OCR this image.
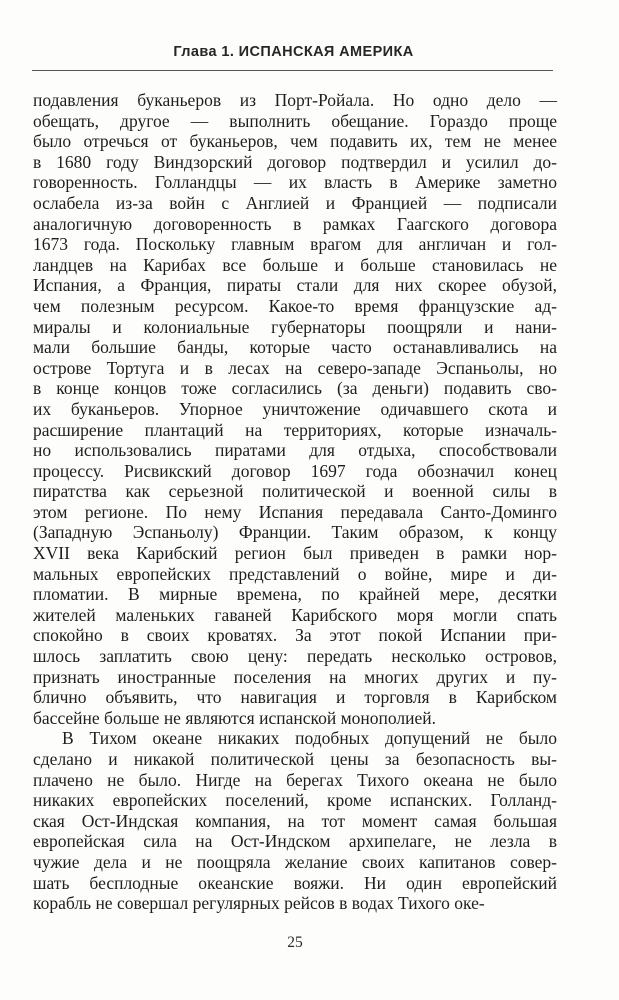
Глава 1. ИСПАНСКАЯ АМЕРИКА
подавления буканьеров из Порт-Ройала. Но одно дело —
обещать, другое — выполнить обещание. Гораздо проще
было отречься от буканьеров, чем подавить их, тем не менее
в 1680 году Виндзорский договор подтвердил и усилил до-
говоренность. Голландцы — их власть в Америке заметно
ослабела из-за войн с Англией и Францией — подписали
аналогичную договоренность в рамках Гаагского договора
1673 года. Поскольку главным врагом для англичан и гол-
ландцев на Карибах все больше и больше становилась не
Испания, а Франция, пираты стали для них скорее обузой,
чем полезным ресурсом. Какое-то время французские ад-
миралы и колониальные губернаторы поощряли и нани-
мали большие банды, которые часто останавливались на
острове Тортуга и в лесах на северо-западе Эспаньолы, но
в конце концов тоже согласились (за деньги) подавить сво-
их буканьеров. Упорное уничтожение одичавшего скота и
расширение плантаций на территориях, которые изначаль-
но использовались пиратами для отдыха, способствовали
процессу. Рисвикский договор 1697 года обозначил конец
пиратства как серьезной политической и военной силы в
этом регионе. По нему Испания передавала Санто-Доминго
(Западную Эспаньолу) Франции. Таким образом, к концу
XVII века Карибский регион был приведен в рамки нор-
мальных европейских представлений о войне, мире и ди-
пломатии. В мирные времена, по крайней мере, десятки
жителей маленьких гаваней Карибского моря могли спать
спокойно в своих кроватях. За этот покой Испании при-
шлось заплатить свою цену: передать несколько островов,
признать иностранные поселения на многих других и пу-
блично объявить, что навигация и торговля в Карибском
бассейне больше не являются испанской монополией.
В Тихом океане никаких подобных допущений не было
сделано и никакой политической цены за безопасность вы-
плачено не было. Нигде на берегах Тихого океана не было
никаких европейских поселений, кроме испанских. Голланд-
ская Ост-Индская компания, на тот момент самая большая
европейская сила на Ост-Индском архипелаге, не лезла в
чужие дела и не поощряла желание своих капитанов совер-
шать бесплодные океанские вояжи. Ни один европейский
корабль не совершал регулярных рейсов в водах Тихого оке-
25
